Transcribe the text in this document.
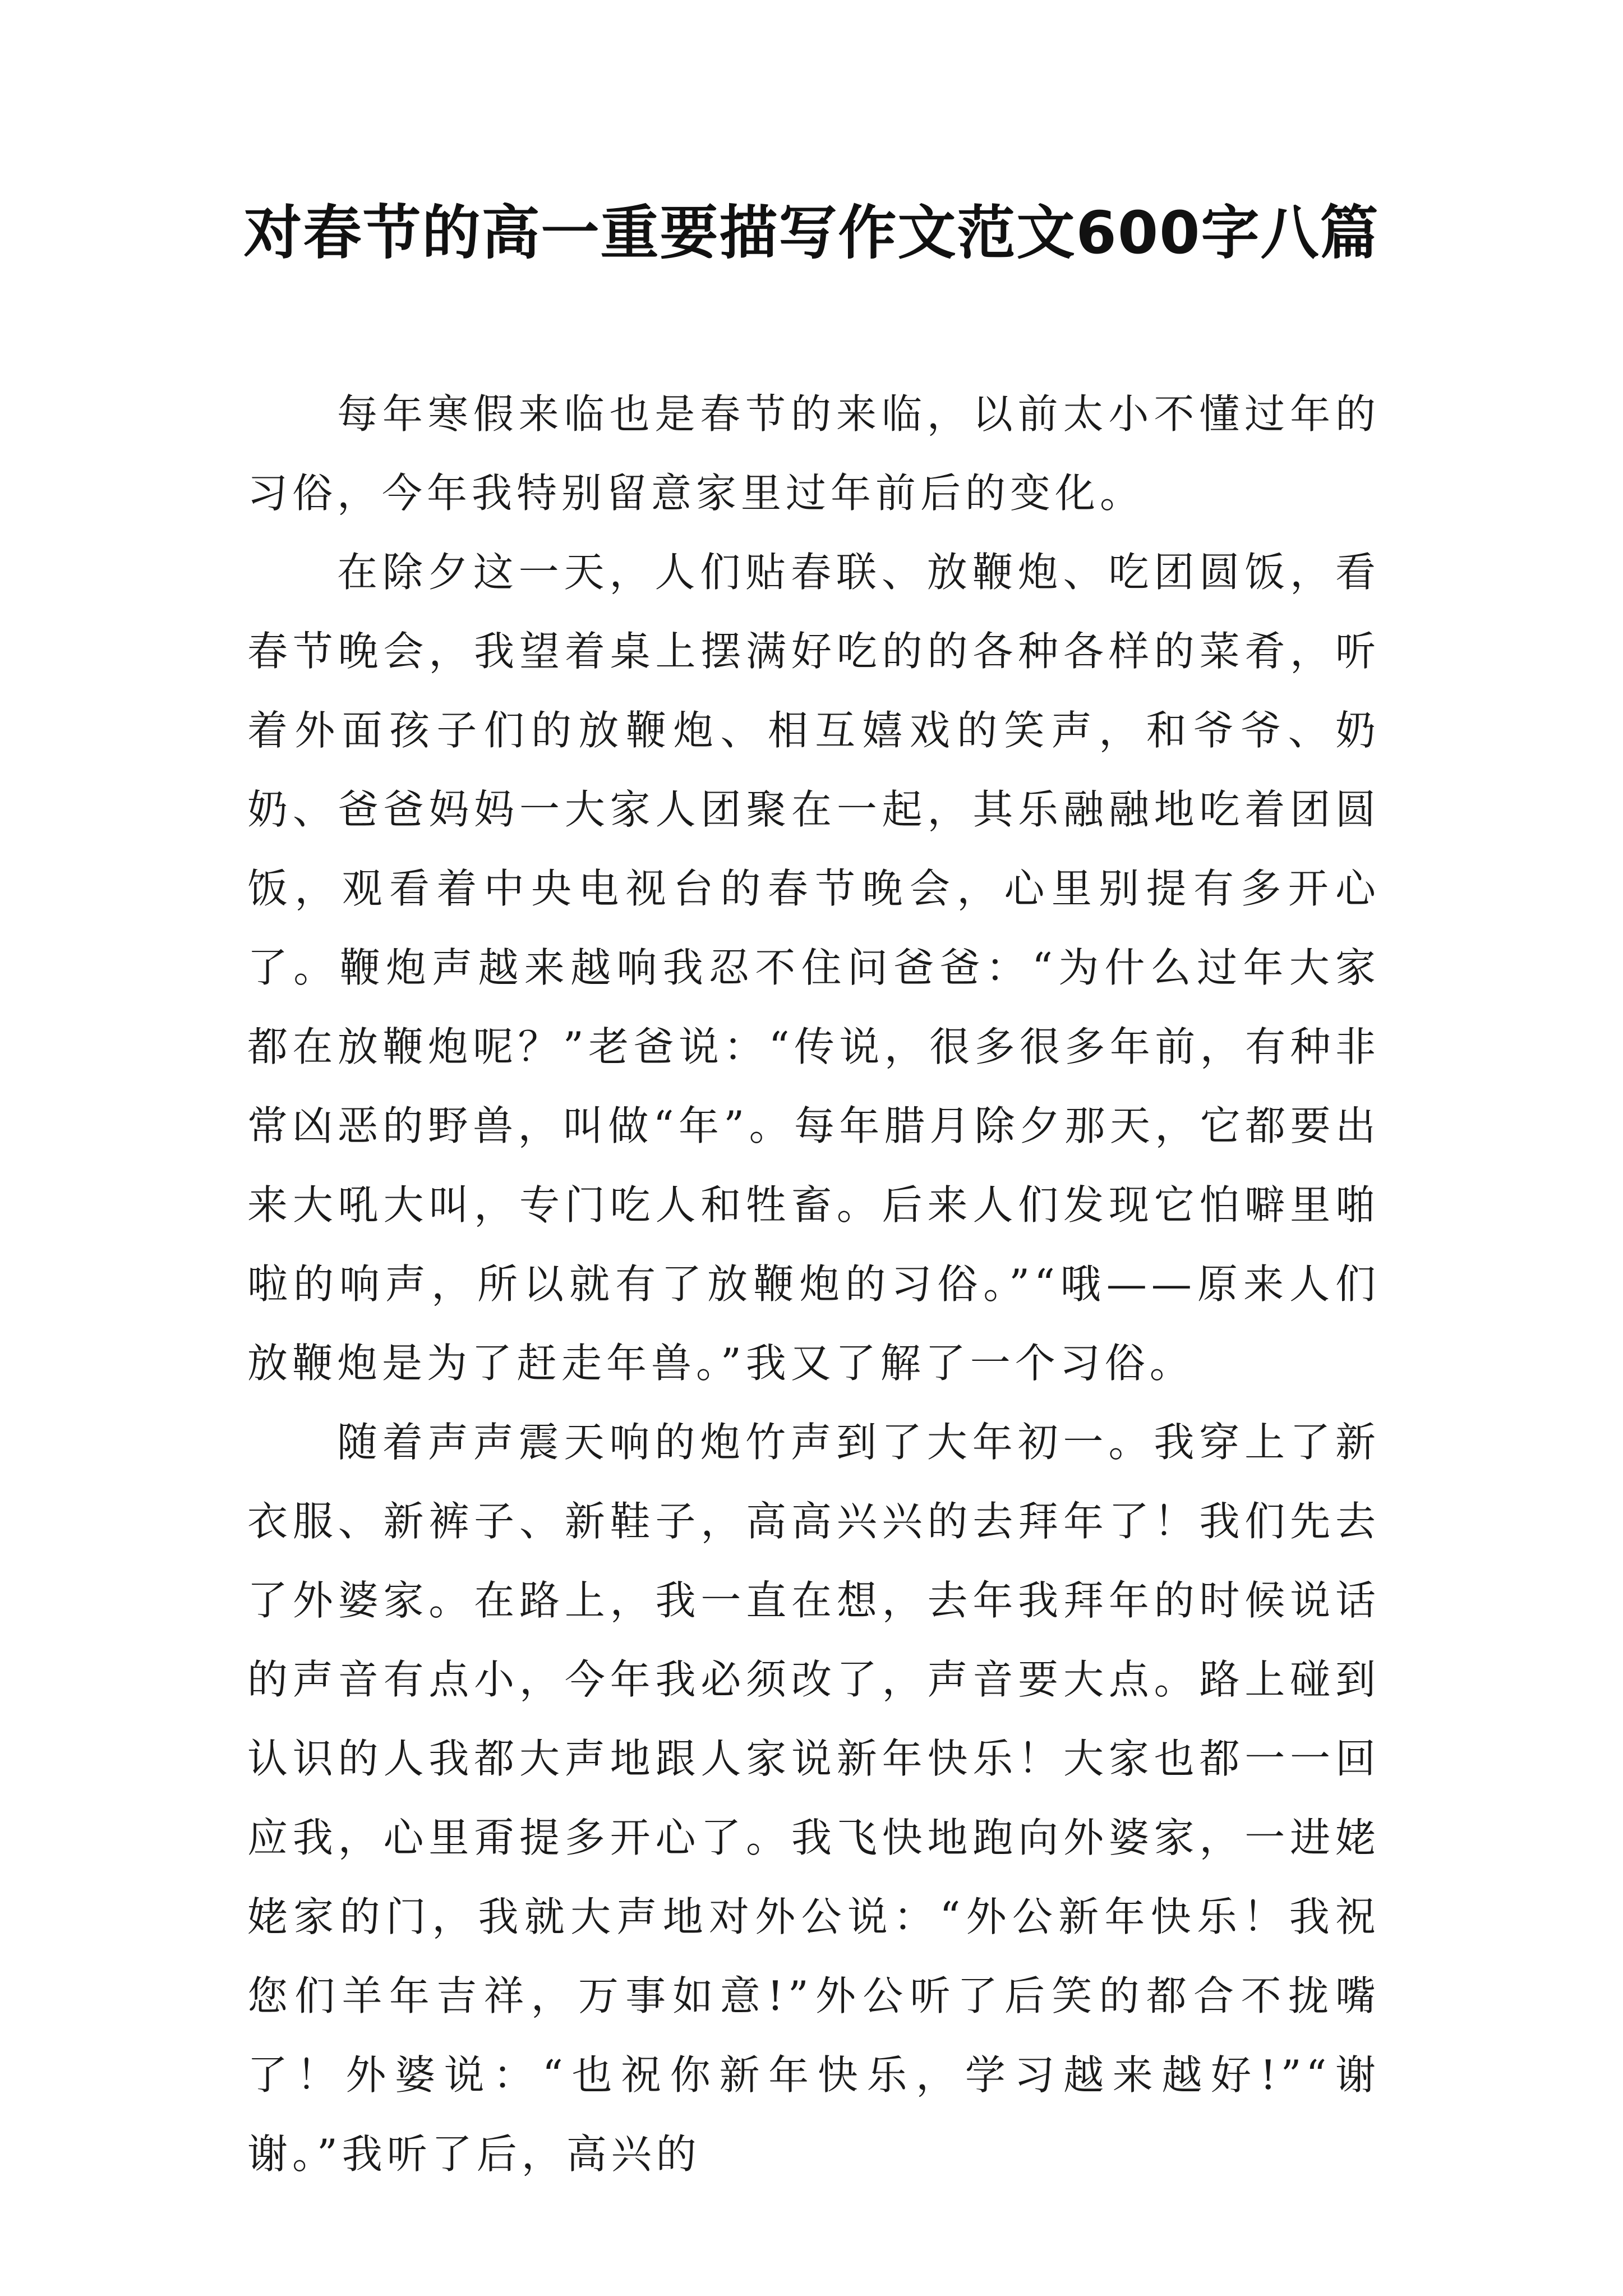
对春节的高一重要描写作文范文600字八篇

每年寒假来临也是春节的来临，以前太小不懂过年的习俗，今年我特别留意家里过年前后的变化。

在除夕这一天，人们贴春联、放鞭炮、吃团圆饭，看春节晚会，我望着桌上摆满好吃的的各种各样的菜肴，听着外面孩子们的放鞭炮、相互嬉戏的笑声，和爷爷、奶奶、爸爸妈妈一大家人团聚在一起，其乐融融地吃着团圆饭，观看着中央电视台的春节晚会，心里别提有多开心了。鞭炮声越来越响我忍不住问爸爸：“为什么过年大家都在放鞭炮呢？”老爸说：“传说，很多很多年前，有种非常凶恶的野兽，叫做“年”。每年腊月除夕那天，它都要出来大吼大叫，专门吃人和牲畜。后来人们发现它怕噼里啪啦的响声，所以就有了放鞭炮的习俗。”“哦——原来人们放鞭炮是为了赶走年兽。”我又了解了一个习俗。

随着声声震天响的炮竹声到了大年初一。我穿上了新衣服、新裤子、新鞋子，高高兴兴的去拜年了！我们先去了外婆家。在路上，我一直在想，去年我拜年的时候说话的声音有点小，今年我必须改了，声音要大点。路上碰到认识的人我都大声地跟人家说新年快乐！大家也都一一回应我，心里甭提多开心了。我飞快地跑向外婆家，一进姥姥家的门，我就大声地对外公说：“外公新年快乐！我祝您们羊年吉祥，万事如意!”外公听了后笑的都合不拢嘴了！外婆说：“也祝你新年快乐，学习越来越好!”“谢谢。”我听了后，高兴的
